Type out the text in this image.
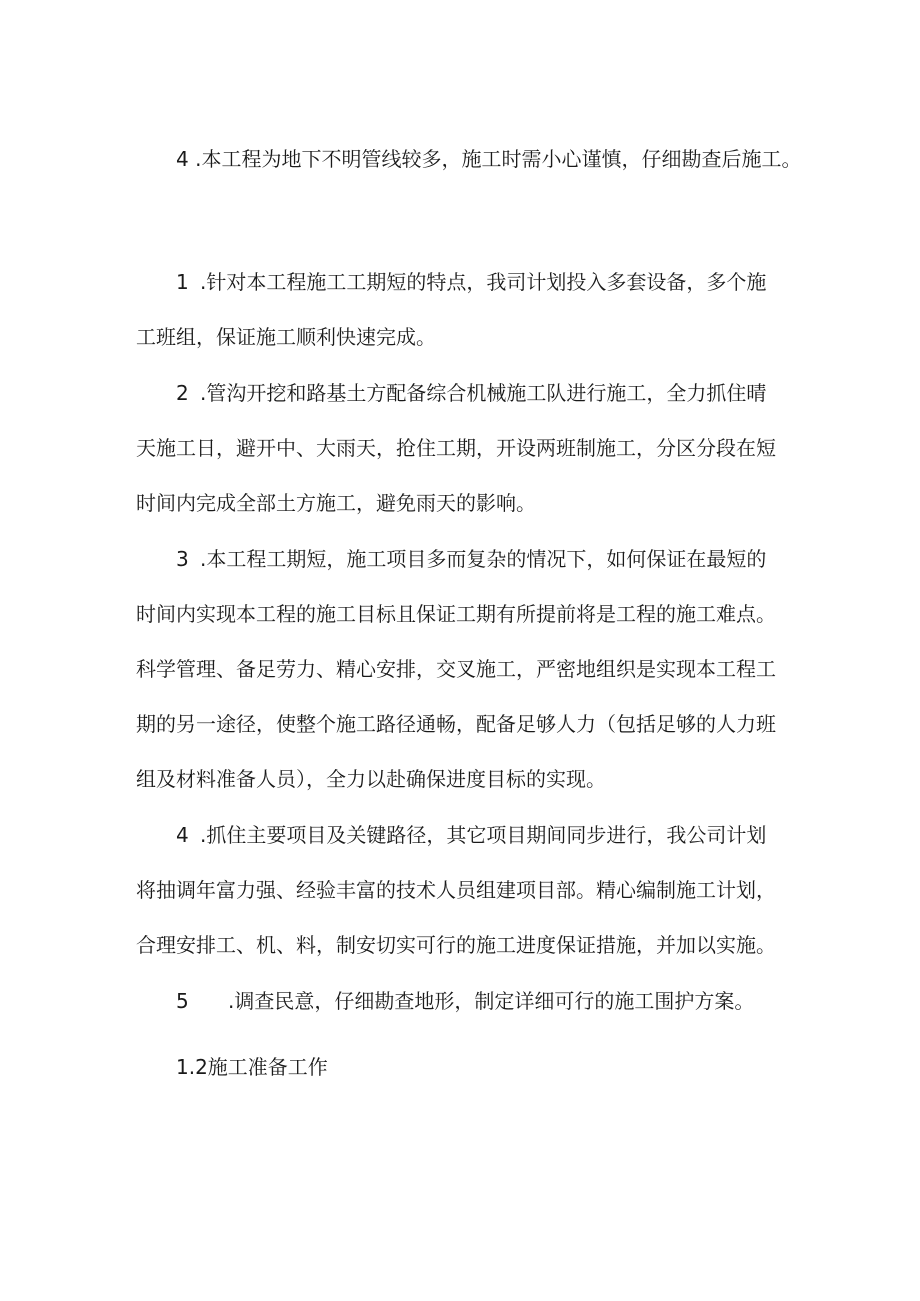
4 .本工程为地下不明管线较多，施工时需小心谨慎，仔细勘查后施工。
1 .针对本工程施工工期短的特点，我司计划投入多套设备，多个施
工班组，保证施工顺利快速完成。
2 .管沟开挖和路基土方配备综合机械施工队进行施工，全力抓住晴
天施工日，避开中、大雨天，抢住工期，开设两班制施工，分区分段在短
时间内完成全部土方施工，避免雨天的影响。
3 .本工程工期短，施工项目多而复杂的情况下，如何保证在最短的
时间内实现本工程的施工目标且保证工期有所提前将是工程的施工难点。
科学管理、备足劳力、精心安排，交叉施工，严密地组织是实现本工程工
期的另一途径，使整个施工路径通畅，配备足够人力（包括足够的人力班
组及材料准备人员），全力以赴确保进度目标的实现。
4 .抓住主要项目及关键路径，其它项目期间同步进行，我公司计划
将抽调年富力强、经验丰富的技术人员组建项目部。精心编制施工计划，
合理安排工、机、料，制安切实可行的施工进度保证措施，并加以实施。
5 .调查民意，仔细勘查地形，制定详细可行的施工围护方案。
1.2施工准备工作
